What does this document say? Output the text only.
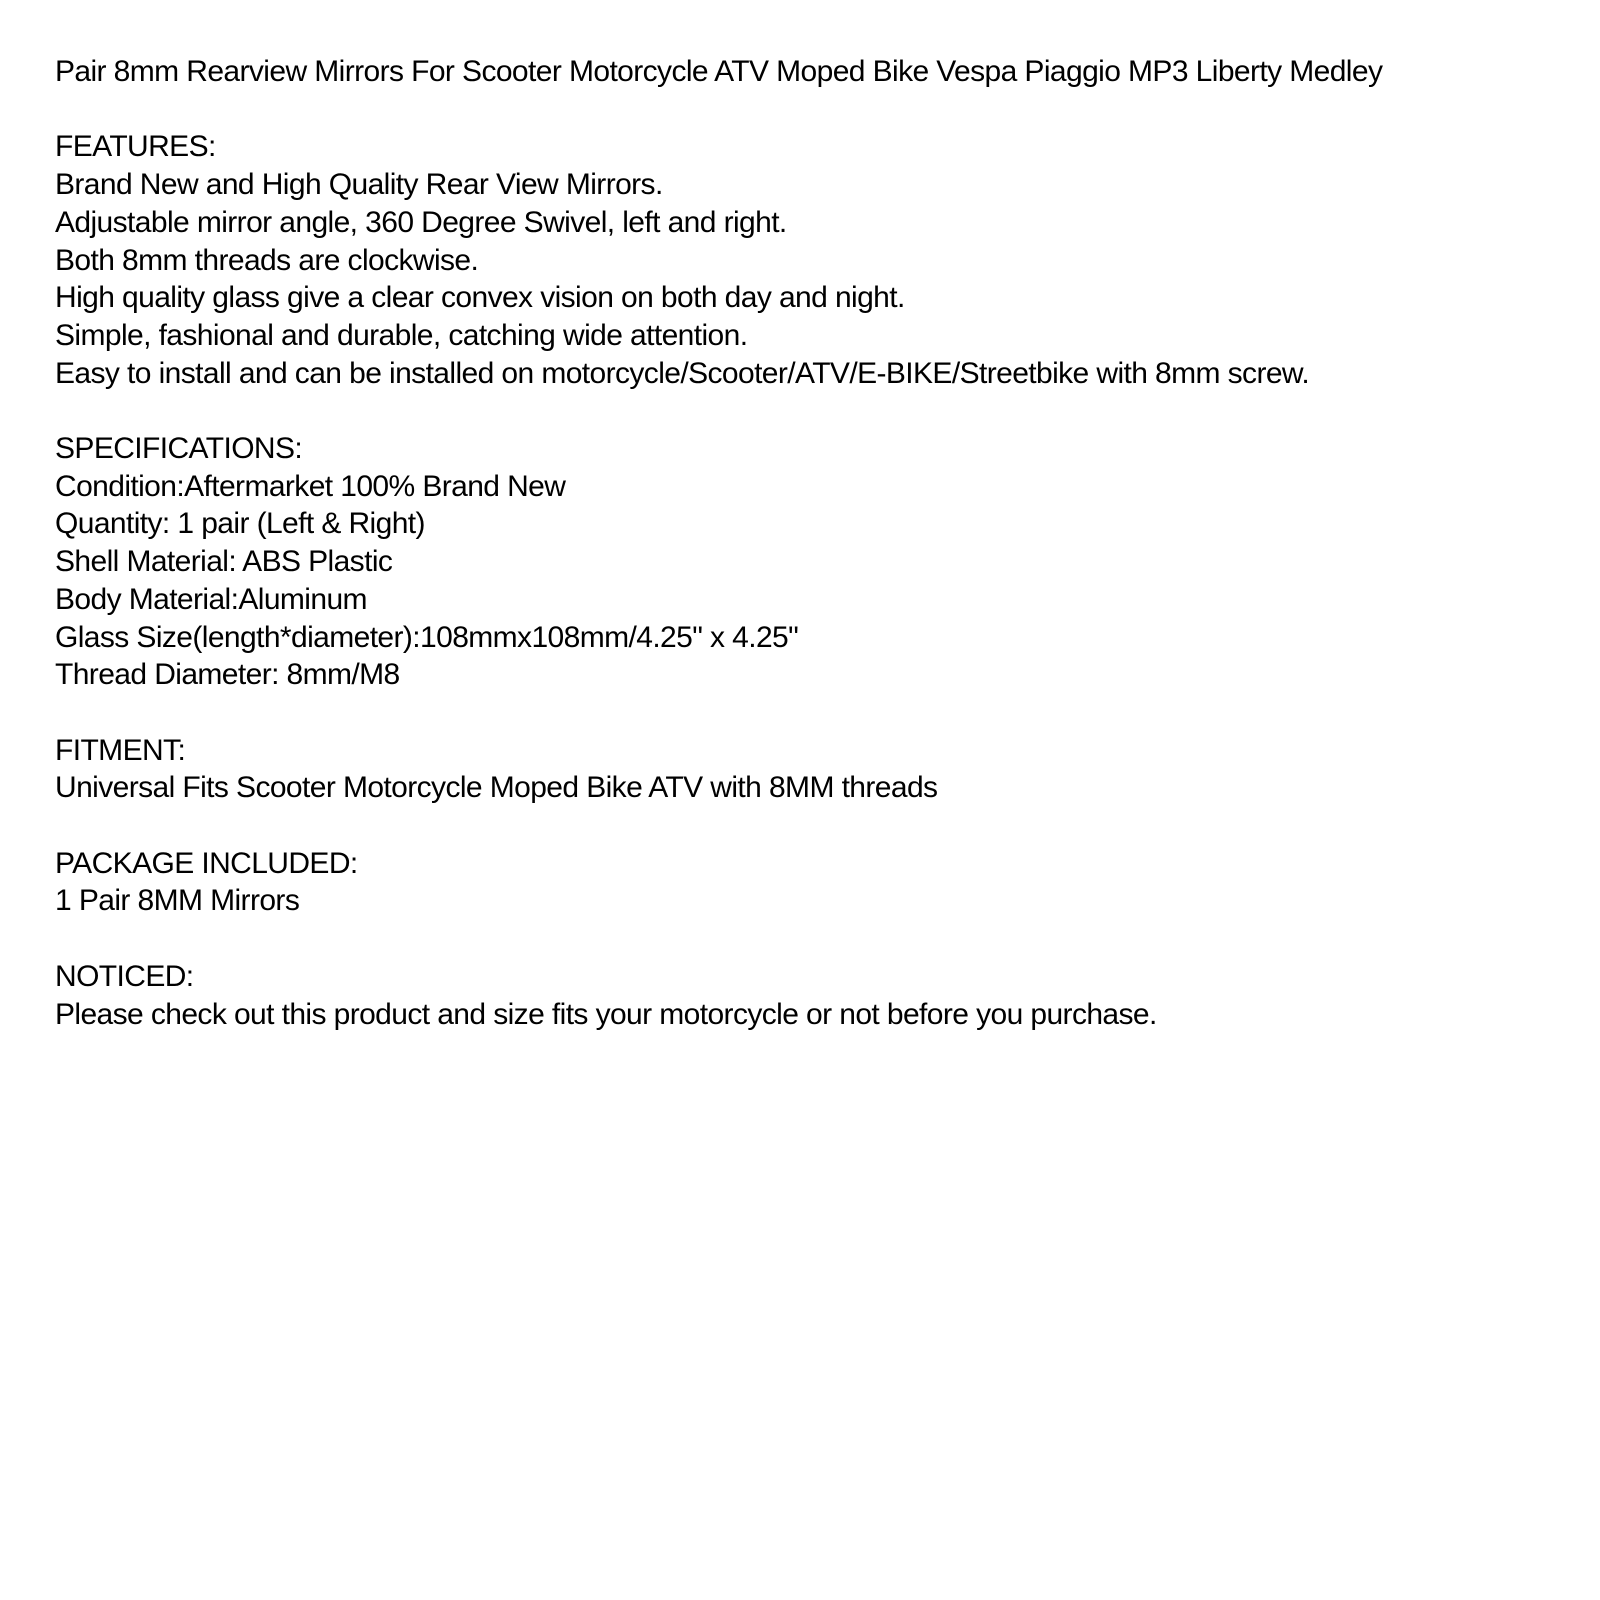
Pair 8mm Rearview Mirrors For Scooter Motorcycle ATV Moped Bike Vespa Piaggio MP3 Liberty Medley

FEATURES:

Brand New and High Quality Rear View Mirrors.

Adjustable mirror angle, 360 Degree Swivel, left and right.

Both 8mm threads are clockwise.

High quality glass give a clear convex vision on both day and night.

Simple, fashional and durable, catching wide attention.

Easy to install and can be installed on motorcycle/Scooter/ATV/E-BIKE/Streetbike with 8mm screw.

SPECIFICATIONS:

Condition:Aftermarket 100% Brand New

Quantity: 1 pair (Left & Right)

Shell Material: ABS Plastic

Body Material:Aluminum

Glass Size(length*diameter):108mmx108mm/4.25" x 4.25"

Thread Diameter: 8mm/M8

FITMENT:

Universal Fits Scooter Motorcycle Moped Bike ATV with 8MM threads

PACKAGE INCLUDED:

1 Pair 8MM Mirrors

NOTICED:

Please check out this product and size fits your motorcycle or not before you purchase.
